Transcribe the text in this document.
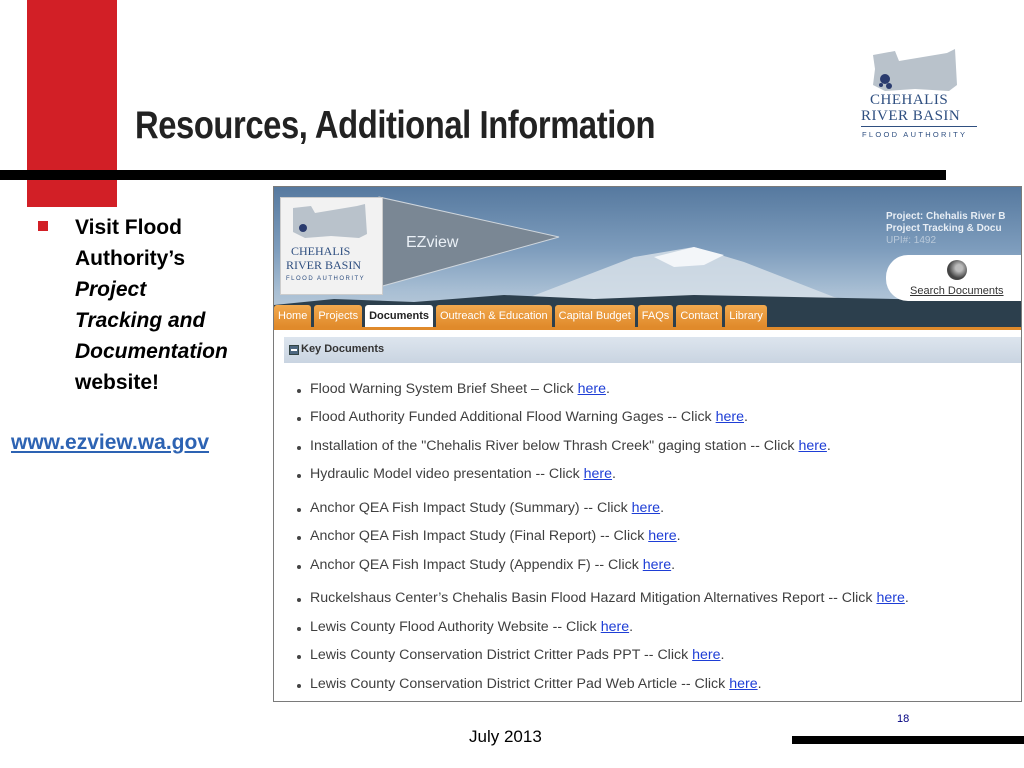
Resources, Additional Information
CHEHALIS
RIVER BASIN
FLOOD AUTHORITY
Visit Flood
Authority’s
Project
Tracking and
Documentation
website!
www.ezview.wa.gov
CHEHALIS
RIVER BASIN
FLOOD AUTHORITY
EZview
Project: Chehalis River B
Project Tracking & Docu
UPI#: 1492
Search Documents
Home	Projects	Documents	Outreach & Education	Capital Budget	FAQs	Contact	Library
Key Documents
Flood Warning System Brief Sheet – Click here.
Flood Authority Funded Additional Flood Warning Gages -- Click here.
Installation of the "Chehalis River below Thrash Creek" gaging station -- Click here.
Hydraulic Model video presentation -- Click here.
Anchor QEA Fish Impact Study (Summary) -- Click here.
Anchor QEA Fish Impact Study (Final Report) -- Click here.
Anchor QEA Fish Impact Study (Appendix F) -- Click here.
Ruckelshaus Center’s Chehalis Basin Flood Hazard Mitigation Alternatives Report -- Click here.
Lewis County Flood Authority Website -- Click here.
Lewis County Conservation District Critter Pads PPT -- Click here.
Lewis County Conservation District Critter Pad Web Article -- Click here.
July 2013
18
